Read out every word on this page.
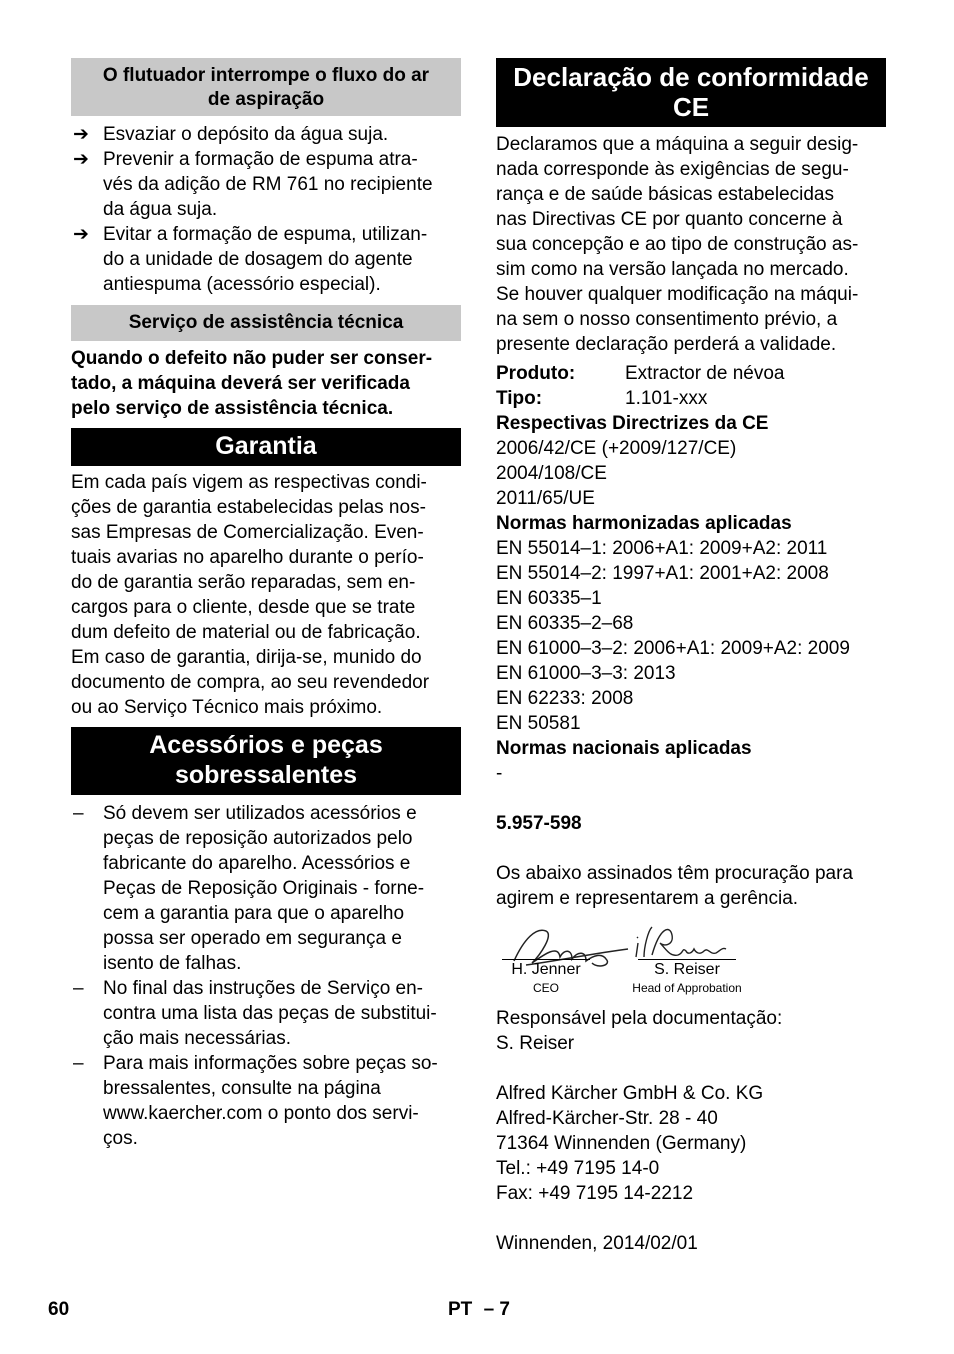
O flutuador interrompe o fluxo do ar
de aspiração
➔ Esvaziar o depósito da água suja.
➔ Prevenir a formação de espuma atra-
vés da adição de RM 761 no recipiente
da água suja.
➔ Evitar a formação de espuma, utilizan-
do a unidade de dosagem do agente
antiespuma (acessório especial).
Serviço de assistência técnica
Quando o defeito não puder ser conser-
tado, a máquina deverá ser verificada
pelo serviço de assistência técnica.
Garantia
Em cada país vigem as respectivas condi-
ções de garantia estabelecidas pelas nos-
sas Empresas de Comercialização. Even-
tuais avarias no aparelho durante o perío-
do de garantia serão reparadas, sem en-
cargos para o cliente, desde que se trate
dum defeito de material ou de fabricação.
Em caso de garantia, dirija-se, munido do
documento de compra, ao seu revendedor
ou ao Serviço Técnico mais próximo.
Acessórios e peças
sobressalentes
– Só devem ser utilizados acessórios e
peças de reposição autorizados pelo
fabricante do aparelho. Acessórios e
Peças de Reposição Originais - forne-
cem a garantia para que o aparelho
possa ser operado em segurança e
isento de falhas.
– No final das instruções de Serviço en-
contra uma lista das peças de substitui-
ção mais necessárias.
– Para mais informações sobre peças so-
bressalentes, consulte na página
www.kaercher.com o ponto dos servi-
ços.
Declaração de conformidade
CE
Declaramos que a máquina a seguir desig-
nada corresponde às exigências de segu-
rança e de saúde básicas estabelecidas
nas Directivas CE por quanto concerne à
sua concepção e ao tipo de construção as-
sim como na versão lançada no mercado.
Se houver qualquer modificação na máqui-
na sem o nosso consentimento prévio, a
presente declaração perderá a validade.
Produto:	Extractor de névoa
Tipo:	1.101-xxx
Respectivas Directrizes da CE
2006/42/CE (+2009/127/CE)
2004/108/CE
2011/65/UE
Normas harmonizadas aplicadas
EN 55014–1: 2006+A1: 2009+A2: 2011
EN 55014–2: 1997+A1: 2001+A2: 2008
EN 60335–1
EN 60335–2–68
EN 61000–3–2: 2006+A1: 2009+A2: 2009
EN 61000–3–3: 2013
EN 62233: 2008
EN 50581
Normas nacionais aplicadas
-
5.957-598
Os abaixo assinados têm procuração para
agirem e representarem a gerência.
H. Jenner
CEO
S. Reiser
Head of Approbation
Responsável pela documentação:
S. Reiser
Alfred Kärcher GmbH & Co. KG
Alfred-Kärcher-Str. 28 - 40
71364 Winnenden (Germany)
Tel.: +49 7195 14-0
Fax: +49 7195 14-2212
Winnenden, 2014/02/01
60	PT – 7
